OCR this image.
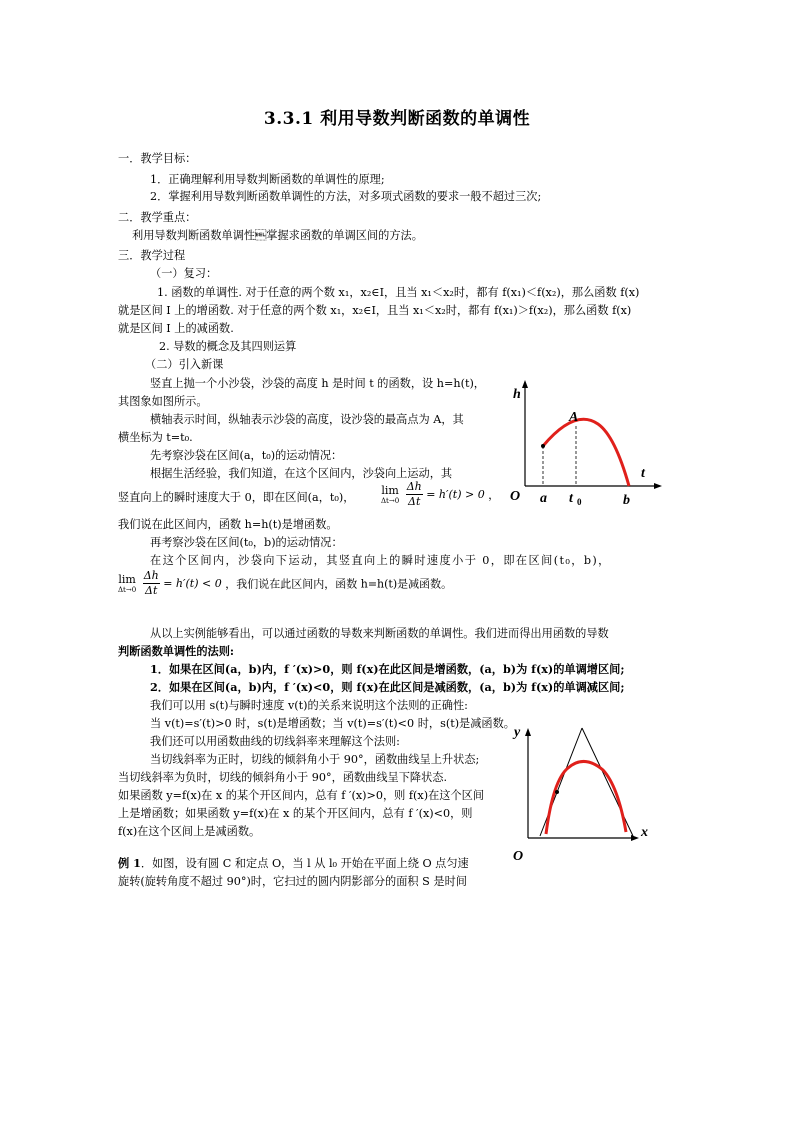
3.3.1 利用导数判断函数的单调性
一．教学目标：
1．正确理解利用导数判断函数的单调性的原理;
2．掌握利用导数判断函数单调性的方法，对多项式函数的要求一般不超过三次;
二．教学重点：
利用导数判断函数单调性掌握求函数的单调区间的方法。
三．教学过程
（一）复习：
1. 函数的单调性. 对于任意的两个数 x₁，x₂∈I，且当 x₁＜x₂时，都有 f(x₁)＜f(x₂)，那么函数 f(x)
就是区间 I 上的增函数. 对于任意的两个数 x₁，x₂∈I，且当 x₁＜x₂时，都有 f(x₁)＞f(x₂)，那么函数 f(x)
就是区间 I 上的减函数.
2. 导数的概念及其四则运算
（二）引入新课
竖直上抛一个小沙袋，沙袋的高度 h 是时间 t 的函数，设 h=h(t)，
其图象如图所示。
横轴表示时间，纵轴表示沙袋的高度，设沙袋的最高点为 A，其
横坐标为 t=t₀.
先考察沙袋在区间(a，t₀)的运动情况：
根据生活经验，我们知道，在这个区间内，沙袋向上运动，其
竖直向上的瞬时速度大于 0，即在区间(a，t₀)，
lim
Δt→0
$\frac{\Delta h}{\Delta t} = h'(t) > 0$ ，
我们说在此区间内，函数 h=h(t)是增函数。
再考察沙袋在区间(t₀，b)的运动情况：
在这个区间内，沙袋向下运动，其竖直向上的瞬时速度小于 0，即在区间(t₀，b)，
lim
Δt→0
$\frac{\Delta h}{\Delta t} = h'(t) < 0$ ，我们说在此区间内，函数 h=h(t)是减函数。
从以上实例能够看出，可以通过函数的导数来判断函数的单调性。我们进而得出用函数的导数
判断函数单调性的法则:
1．如果在区间(a，b)内，f ′(x)>0，则 f(x)在此区间是增函数，(a，b)为 f(x)的单调增区间;
2．如果在区间(a，b)内，f ′(x)<0，则 f(x)在此区间是减函数，(a，b)为 f(x)的单调减区间;
我们可以用 s(t)与瞬时速度 v(t)的关系来说明这个法则的正确性:
当 v(t)=s′(t)>0 时，s(t)是增函数；当 v(t)=s′(t)<0 时，s(t)是减函数。
我们还可以用函数曲线的切线斜率来理解这个法则:
当切线斜率为正时，切线的倾斜角小于 90°，函数曲线呈上升状态;
当切线斜率为负时，切线的倾斜角小于 90°，函数曲线呈下降状态.
如果函数 y=f(x)在 x 的某个开区间内，总有 f ′(x)>0，则 f(x)在这个区间
上是增函数；如果函数 y=f(x)在 x 的某个开区间内，总有 f ′(x)<0，则
f(x)在这个区间上是减函数。
例 1．如图，设有圆 C 和定点 O，当 l 从 l₀ 开始在平面上绕 O 点匀速
旋转(旋转角度不超过 90°)时，它扫过的圆内阴影部分的面积 S 是时间
h
t
O a t 0	b
A
y
x
O
